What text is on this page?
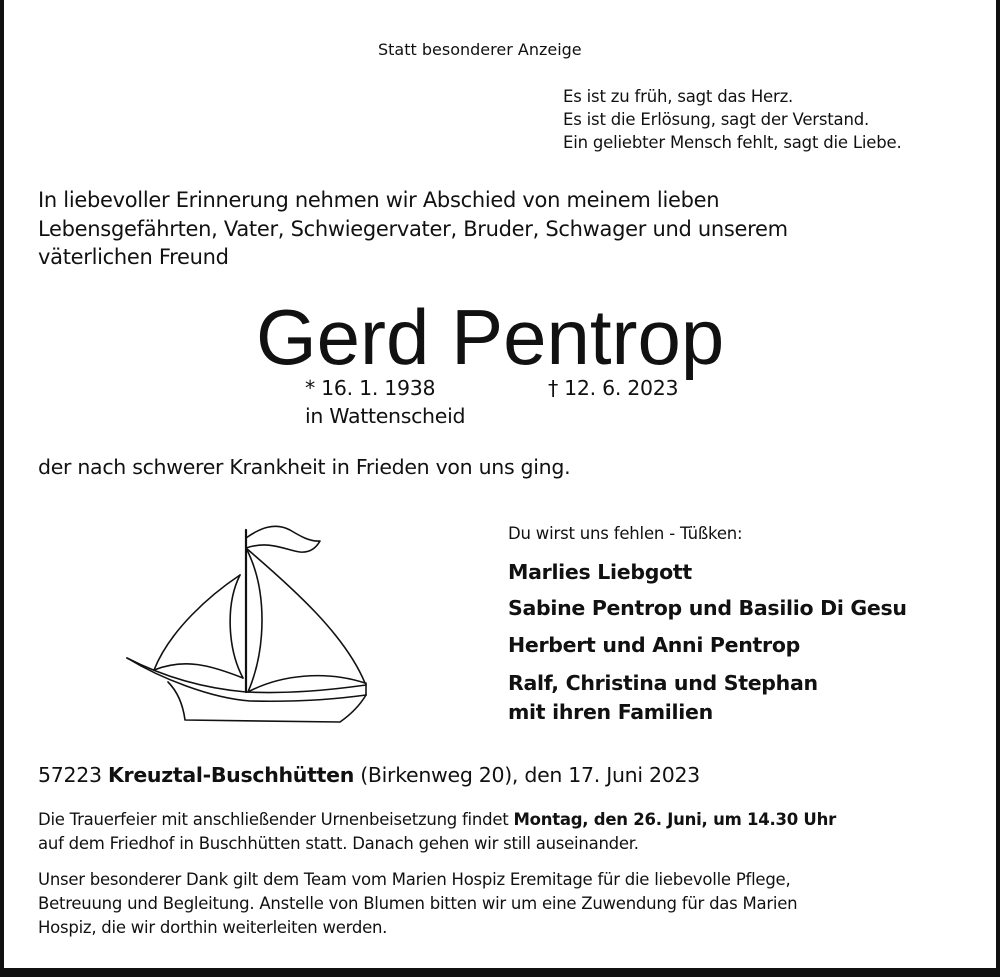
Statt besonderer Anzeige
Es ist zu früh, sagt das Herz.
Es ist die Erlösung, sagt der Verstand.
Ein geliebter Mensch fehlt, sagt die Liebe.
In liebevoller Erinnerung nehmen wir Abschied von meinem lieben
Lebensgefährten, Vater, Schwiegervater, Bruder, Schwager und unserem
väterlichen Freund
Gerd Pentrop
* 16. 1. 1938
in Wattenscheid
† 12. 6. 2023
der nach schwerer Krankheit in Frieden von uns ging.
Du wirst uns fehlen - Tüßken:
Marlies Liebgott
Sabine Pentrop und Basilio Di Gesu
Herbert und Anni Pentrop
Ralf, Christina und Stephan
mit ihren Familien
57223 Kreuztal-Buschhütten (Birkenweg 20), den 17. Juni 2023
Die Trauerfeier mit anschließender Urnenbeisetzung findet Montag, den 26. Juni, um 14.30 Uhr
auf dem Friedhof in Buschhütten statt. Danach gehen wir still auseinander.
Unser besonderer Dank gilt dem Team vom Marien Hospiz Eremitage für die liebevolle Pflege,
Betreuung und Begleitung. Anstelle von Blumen bitten wir um eine Zuwendung für das Marien
Hospiz, die wir dorthin weiterleiten werden.
